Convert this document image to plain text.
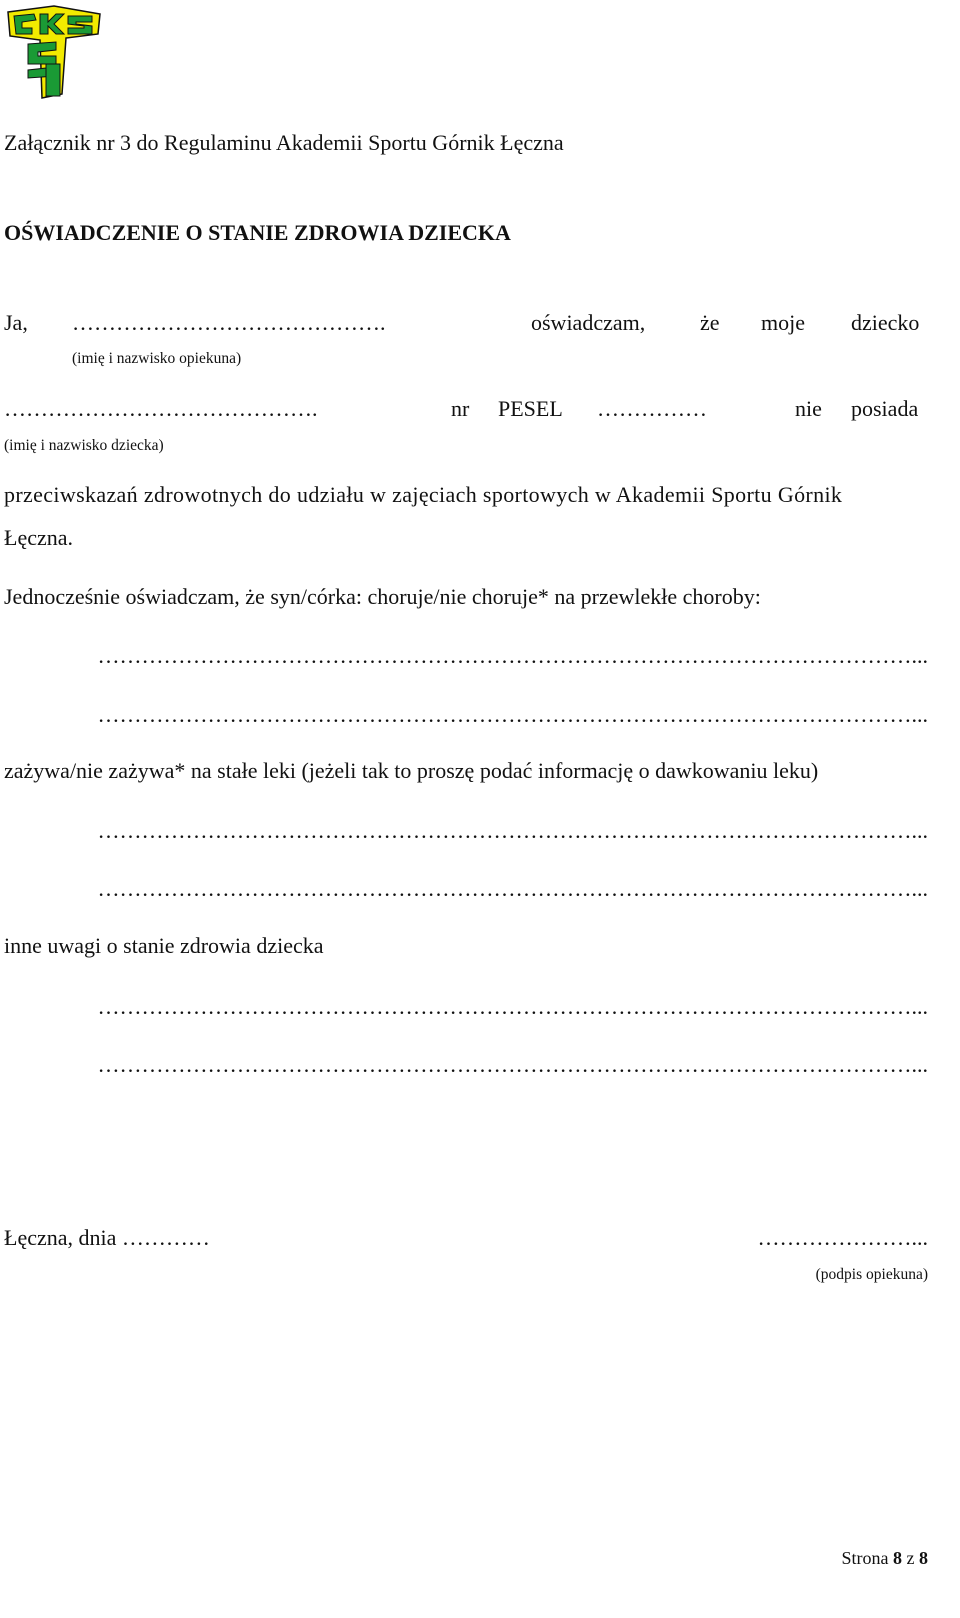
Załącznik nr 3 do Regulaminu Akademii Sportu Górnik Łęczna
OŚWIADCZENIE O STANIE ZDROWIA DZIECKA
Ja, …………………………………….	oświadczam, że moje dziecko
(imię i nazwisko opiekuna)
…………………………………….	nr PESEL ……………	nie posiada
(imię i nazwisko dziecka)
przeciwskazań zdrowotnych do udziału w zajęciach sportowych w Akademii Sportu Górnik
Łęczna.
Jednocześnie oświadczam, że syn/córka: choruje/nie choruje* na przewlekłe choroby:
…………………………………………………………………………………………………...
…………………………………………………………………………………………………...
zażywa/nie zażywa* na stałe leki (jeżeli tak to proszę podać informację o dawkowaniu leku)
…………………………………………………………………………………………………...
…………………………………………………………………………………………………...
inne uwagi o stanie zdrowia dziecka
…………………………………………………………………………………………………...
…………………………………………………………………………………………………...
Łęczna, dnia …………	…………………...
(podpis opiekuna)
Strona 8 z 8
